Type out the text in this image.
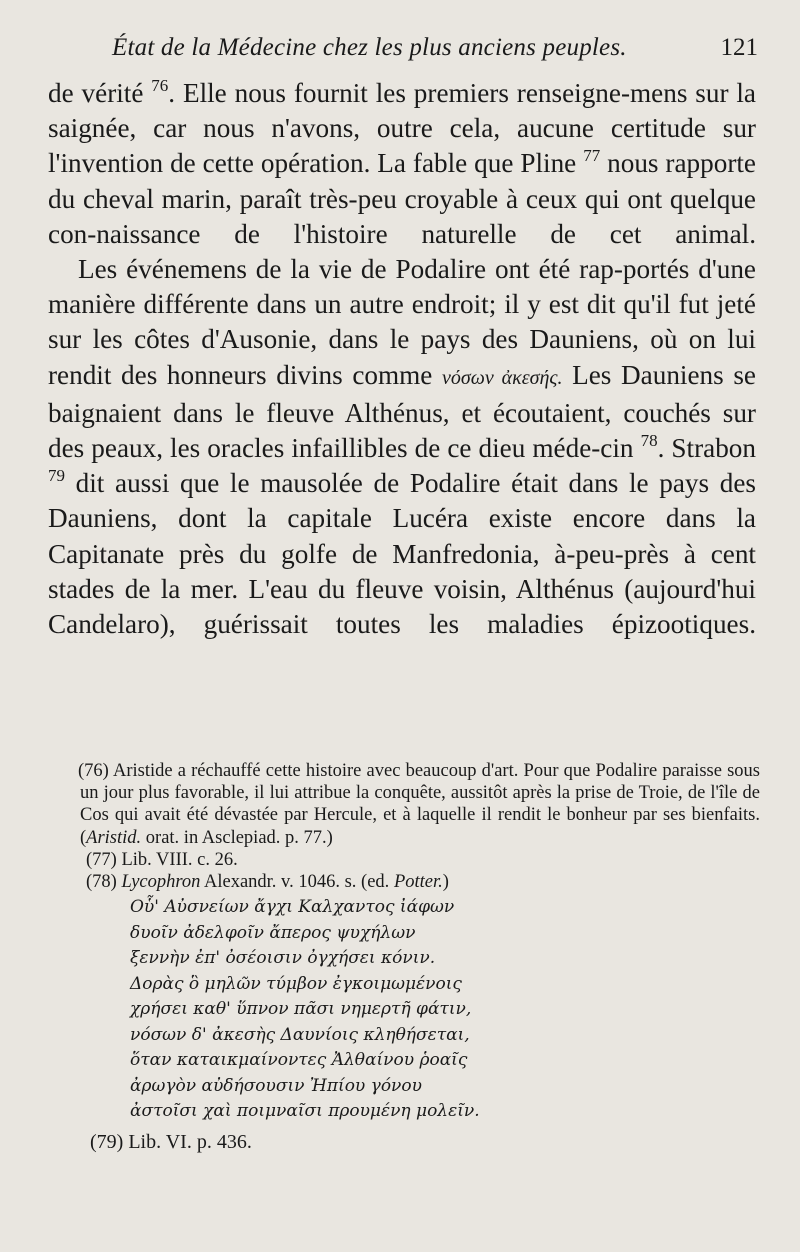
État de la Médecine chez les plus anciens peuples.	121

de vérité $^{76}$. Elle nous fournit les premiers renseigne-mens sur la saignée, car nous n'avons, outre cela, aucune certitude sur l'invention de cette opération. La fable que Pline $^{77}$ nous rapporte du cheval marin, paraît très-peu croyable à ceux qui ont quelque con-naissance de l'histoire naturelle de cet animal.

Les événemens de la vie de Podalire ont été rap-portés d'une manière différente dans un autre endroit; il y est dit qu'il fut jeté sur les côtes d'Ausonie, dans le pays des Dauniens, où on lui rendit des honneurs divins comme νόσων ἀκεσής. Les Dauniens se baignaient dans le fleuve Althénus, et écoutaient, couchés sur des peaux, les oracles infaillibles de ce dieu méde-cin $^{78}$. Strabon $^{79}$ dit aussi que le mausolée de Podalire était dans le pays des Dauniens, dont la capitale Lucéra existe encore dans la Capitanate près du golfe de Manfredonia, à-peu-près à cent stades de la mer. L'eau du fleuve voisin, Althénus (aujourd'hui Candelaro), guérissait toutes les maladies épizootiques.

(76) Aristide a réchauffé cette histoire avec beaucoup d'art. Pour que Podalire paraisse sous un jour plus favorable, il lui attribue la conquête, aussitôt après la prise de Troie, de l'île de Cos qui avait été dévastée par Hercule, et à laquelle il rendit le bonheur par ses bienfaits. (Aristid. orat. in Asclepiad. p. 77.)

(77) Lib. VIII. c. 26.

(78) Lycophron Alexandr. v. 1046. s. (ed. Potter.)

Οὗ' Αὐσνείων ἄγχι Καλχαντος ἰάφων
δυοῖν ἀδελφοῖν ἄπερος ψυχήλων
ξεννὴν ἐπ' ὀσέοισιν ὀγχήσει κόνιν.
Δορὰς ὃ μηλῶν τύμβον ἐγκοιμωμένοις
χρήσει καθ' ὕπνον πᾶσι νημερτῆ φάτιν,
νόσων δ' ἀκεσὴς Δαυνίοις κληθήσεται,
ὅταν καταικμαίνοντες Ἀλθαίνου ῥοαῖς
ἀρωγὸν αὐδήσουσιν Ἠπίου γόνου
ἀστοῖσι χαὶ ποιμναῖσι προυμένη μολεῖν.

(79) Lib. VI. p. 436.
